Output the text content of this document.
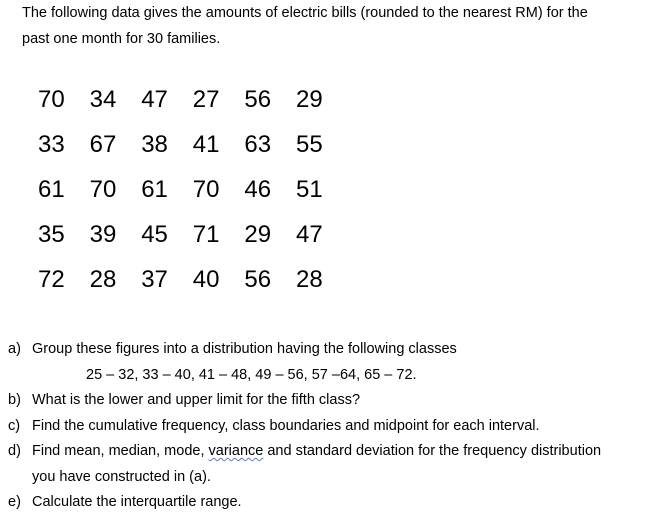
The following data gives the amounts of electric bills (rounded to the nearest RM) for the
past one month for 30 families.
70 34 47 27 56 29
33 67 38 41 63 55
61 70 61 70 46 51
35 39 45 71 29 47
72 28 37 40 56 28
a) Group these figures into a distribution having the following classes
25 – 32, 33 – 40, 41 – 48, 49 – 56, 57 –64, 65 – 72.
b) What is the lower and upper limit for the fifth class?
c) Find the cumulative frequency, class boundaries and midpoint for each interval.
d) Find mean, median, mode, variance and standard deviation for the frequency distribution
you have constructed in (a).
e) Calculate the interquartile range.
